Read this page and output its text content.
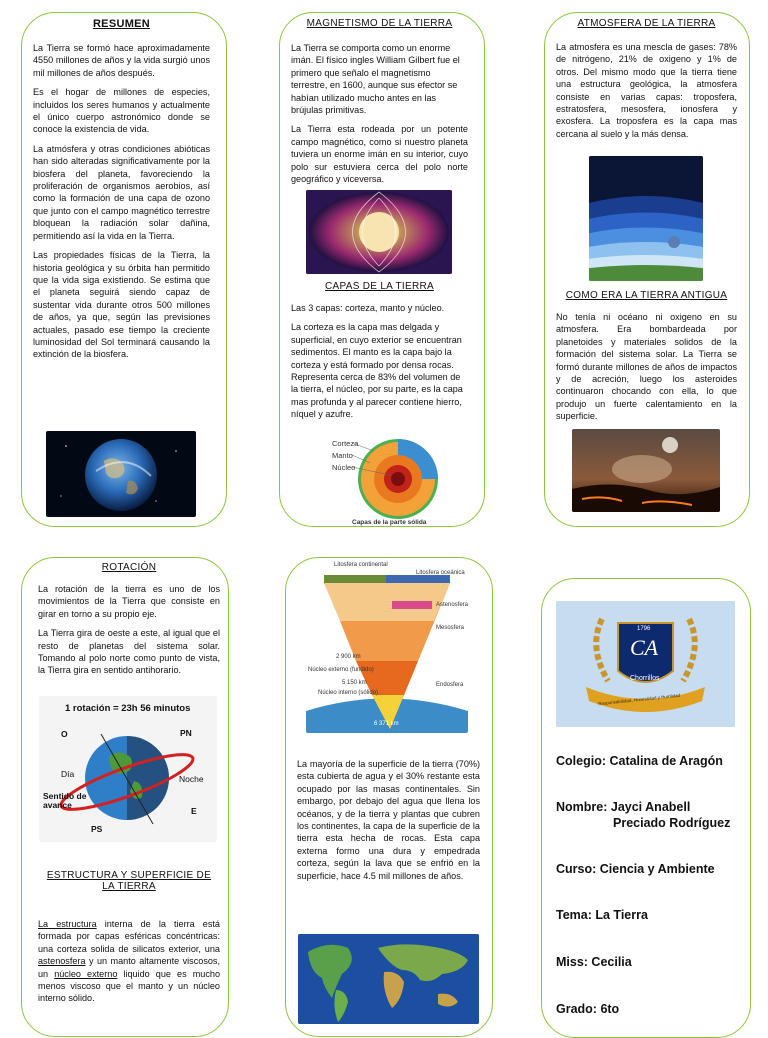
RESUMEN

La Tierra se formó hace aproximadamente 4550 millones de años y la vida surgió unos mil millones de años después.

Es el hogar de millones de especies, incluidos los seres humanos y actualmente el único cuerpo astronómico donde se conoce la existencia de vida.

La atmósfera y otras condiciones abióticas han sido alteradas significativamente por la biosfera del planeta, favoreciendo la proliferación de organismos aerobios, así como la formación de una capa de ozono que junto con el campo magnético terrestre bloquean la radiación solar dañina, permitiendo así la vida en la Tierra.

Las propiedades físicas de la Tierra, la historia geológica y su órbita han permitido que la vida siga existiendo. Se estima que el planeta seguirá siendo capaz de sustentar vida durante otros 500 millones de años, ya que, según las previsiones actuales, pasado ese tiempo la creciente luminosidad del Sol terminará causando la extinción de la biosfera.

MAGNETISMO DE LA TIERRA

La Tierra se comporta como un enorme imán. El físico ingles William Gilbert fue el primero que señalo el magnetismo terrestre, en 1600, aunque sus efector se habían utilizado mucho antes en las brújulas primitivas.

La Tierra esta rodeada por un potente campo magnético, como si nuestro planeta tuviera un enorme imán en su interior, cuyo polo sur estuviera cerca del polo norte geográfico y viceversa.

CAPAS DE LA TIERRA

Las 3 capas: corteza, manto y núcleo.

La corteza es la capa mas delgada y superficial, en cuyo exterior se encuentran sedimentos. El manto es la capa bajo la corteza y está formado por densa rocas. Representa cerca de 83% del volumen de la tierra, el núcleo, por su parte, es la capa mas profunda y al parecer contiene hierro, níquel y azufre.

Corteza
Manto
Núcleo
Capas de la parte sólida

ATMOSFERA DE LA TIERRA

La atmosfera es una mescla de gases: 78% de nitrógeno, 21% de oxigeno y 1% de otros. Del mismo modo que la tierra tiene una estructura geológica, la atmosfera consiste en varias capas: troposfera, estratosfera, mesosfera, ionosfera y exosfera. La troposfera es la capa mas cercana al suelo y la más densa.

COMO ERA LA TIERRA ANTIGUA

No tenía ni océano ni oxigeno en su atmosfera. Era bombardeada por planetoides y materiales solidos de la formación del sistema solar. La Tierra se formó durante millones de años de impactos y de acreción, luego los asteroides continuaron chocando con ella, lo que produjo un fuerte calentamiento en la superficie.

ROTACIÓN

La rotación de la tierra es uno de los movimientos de la Tierra que consiste en girar en torno a su propio eje.

La Tierra gira de oeste a este, al igual que el resto de planetas del sistema solar. Tomando al polo norte como punto de vista, la Tierra gira en sentido antihorario.

1 rotación = 23h 56 minutos
O	PN
Día	Noche
Sentido de avance
E
PS

ESTRUCTURA Y SUPERFICIE DE LA TIERRA

La estructura interna de la tierra está formada por capas esféricas concéntricas: una corteza solida de silicatos exterior, una astenosfera y un manto altamente viscosos, un núcleo externo liquido que es mucho menos viscoso que el manto y un núcleo interno sólido.

Litosfera continental
Litosfera oceánica
Astenosfera
Mesosfera
2 900 km
Núcleo externo (fundido)
5 150 km
Núcleo interno (sólido)
Endosfera
6 371 km

La mayoría de la superficie de la tierra (70%) esta cubierta de agua y el 30% restante esta ocupado por las masas continentales. Sin embargo, por debajo del agua que llena los océanos, y de la tierra y plantas que cubren los continentes, la capa de la superficie de la tierra esta hecha de rocas. Esta capa externa formo una dura y empedrada corteza, según la lava que se enfrió en la superficie, hace 4.5 mil millones de años.

1796
CA
Chorrillos
Responsabilidad, Honestidad y Humildad
Colegio: Catalina de Aragón
Nombre: Jayci Anabell
Preciado Rodríguez
Curso: Ciencia y Ambiente
Tema: La Tierra
Miss: Cecilia
Grado: 6to
